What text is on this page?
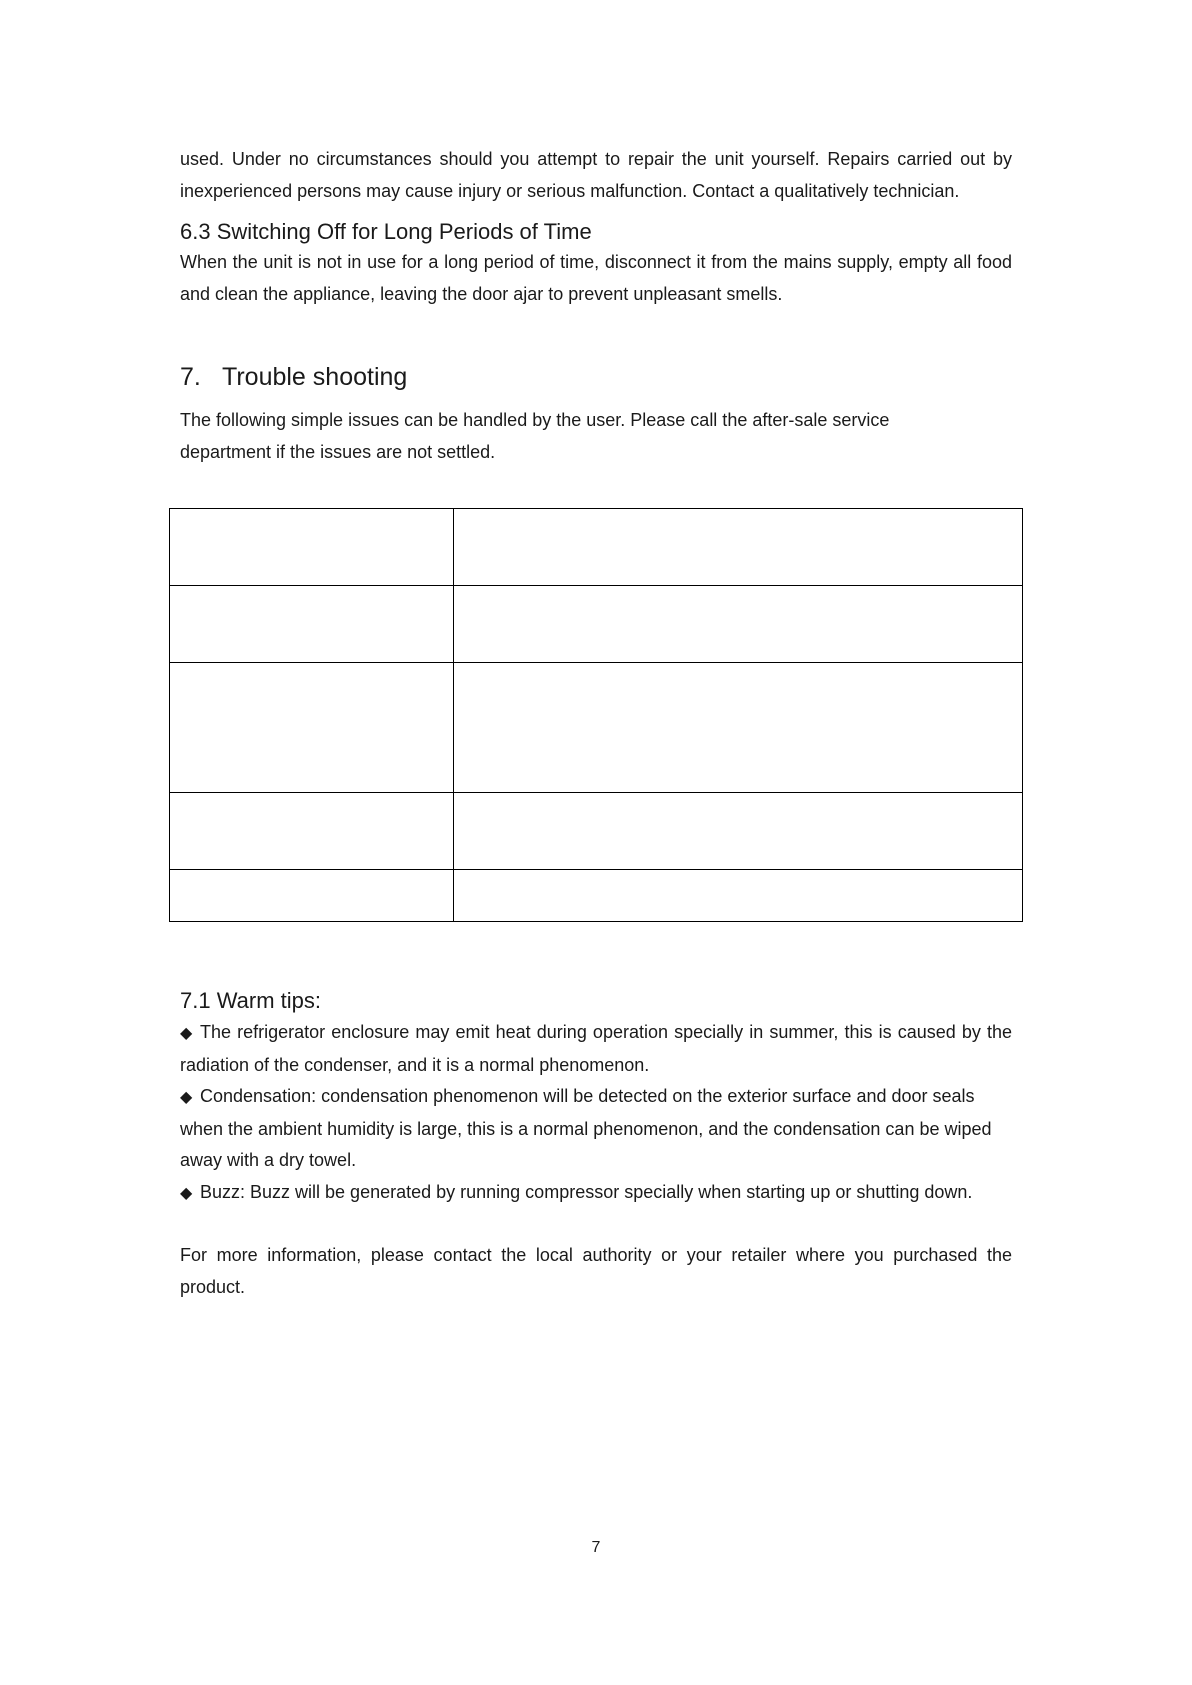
used. Under no circumstances should you attempt to repair the unit yourself. Repairs carried out by inexperienced persons may cause injury or serious malfunction. Contact a qualitatively technician.

6.3 Switching Off for Long Periods of Time

When the unit is not in use for a long period of time, disconnect it from the mains supply, empty all food and clean the appliance, leaving the door ajar to prevent unpleasant smells.

7. Trouble shooting

The following simple issues can be handled by the user. Please call the after-sale service
department if the issues are not settled.

7.1 Warm tips:

◆ The refrigerator enclosure may emit heat during operation specially in summer, this is caused by the radiation of the condenser, and it is a normal phenomenon.

◆ Condensation: condensation phenomenon will be detected on the exterior surface and door seals when the ambient humidity is large, this is a normal phenomenon, and the condensation can be wiped away with a dry towel.

◆ Buzz: Buzz will be generated by running compressor specially when starting up or shutting down.

For more information, please contact the local authority or your retailer where you purchased the product.

7
